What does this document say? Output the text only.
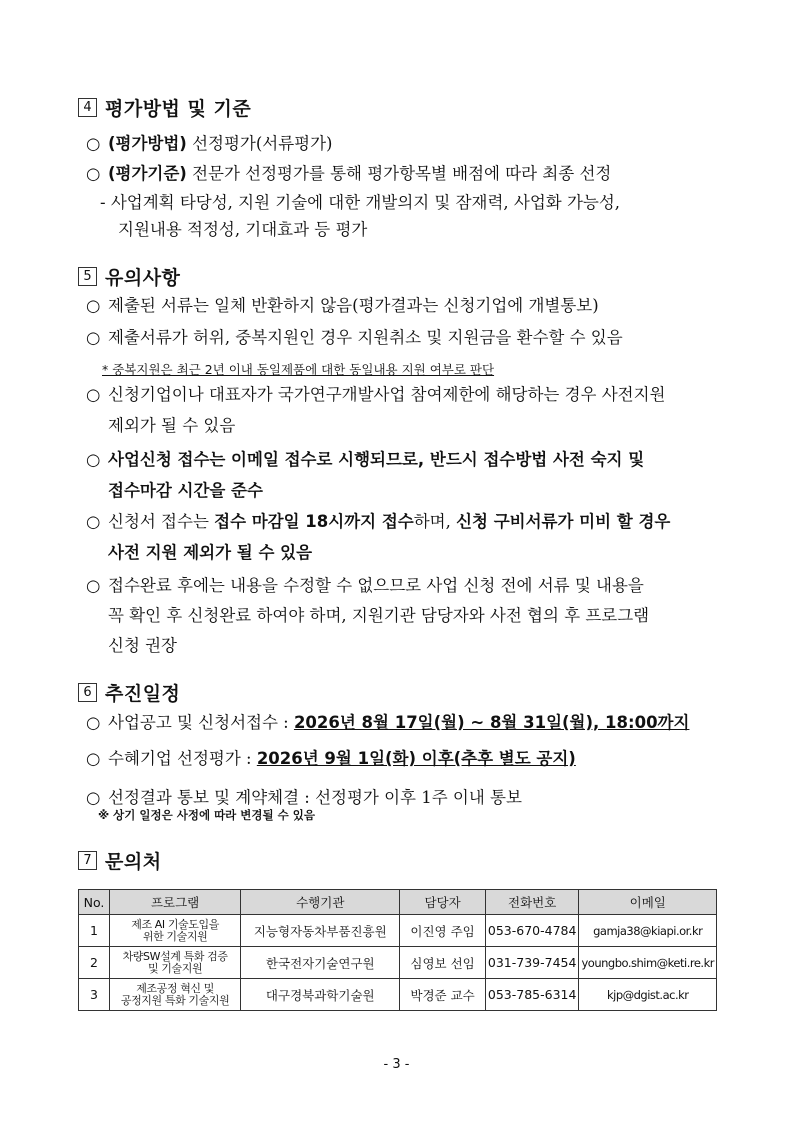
4 평가방법 및 기준
○ (평가방법) 선정평가(서류평가)
○ (평가기준) 전문가 선정평가를 통해 평가항목별 배점에 따라 최종 선정
- 사업계획 타당성, 지원 기술에 대한 개발의지 및 잠재력, 사업화 가능성,
지원내용 적정성, 기대효과 등 평가
5 유의사항
○ 제출된 서류는 일체 반환하지 않음(평가결과는 신청기업에 개별통보)
○ 제출서류가 허위, 중복지원인 경우 지원취소 및 지원금을 환수할 수 있음
* 중복지원은 최근 2년 이내 동일제품에 대한 동일내용 지원 여부로 판단
○ 신청기업이나 대표자가 국가연구개발사업 참여제한에 해당하는 경우 사전지원
제외가 될 수 있음
○ 사업신청 접수는 이메일 접수로 시행되므로, 반드시 접수방법 사전 숙지 및
접수마감 시간을 준수
○ 신청서 접수는 접수 마감일 18시까지 접수하며, 신청 구비서류가 미비 할 경우
사전 지원 제외가 될 수 있음
○ 접수완료 후에는 내용을 수정할 수 없으므로 사업 신청 전에 서류 및 내용을
꼭 확인 후 신청완료 하여야 하며, 지원기관 담당자와 사전 협의 후 프로그램
신청 권장
6 추진일정
○ 사업공고 및 신청서접수 : 2026년 8월 17일(월) ~ 8월 31일(월), 18:00까지
○ 수혜기업 선정평가 : 2026년 9월 1일(화) 이후(추후 별도 공지)
○ 선정결과 통보 및 계약체결 : 선정평가 이후 1주 이내 통보
※ 상기 일정은 사정에 따라 변경될 수 있음
7 문의처
No.	프로그램	수행기관	담당자	전화번호	이메일
1	제조 AI 기술도입을
위한 기술지원	지능형자동차부품진흥원	이진영 주임	053-670-4784	gamja38@kiapi.or.kr
2	차량SW설계 특화 검증
및 기술지원	한국전자기술연구원	심영보 선임	031-739-7454	youngbo.shim@keti.re.kr
3	제조공정 혁신 및
공정지원 특화 기술지원	대구경북과학기술원	박경준 교수	053-785-6314	kjp@dgist.ac.kr
- 3 -
